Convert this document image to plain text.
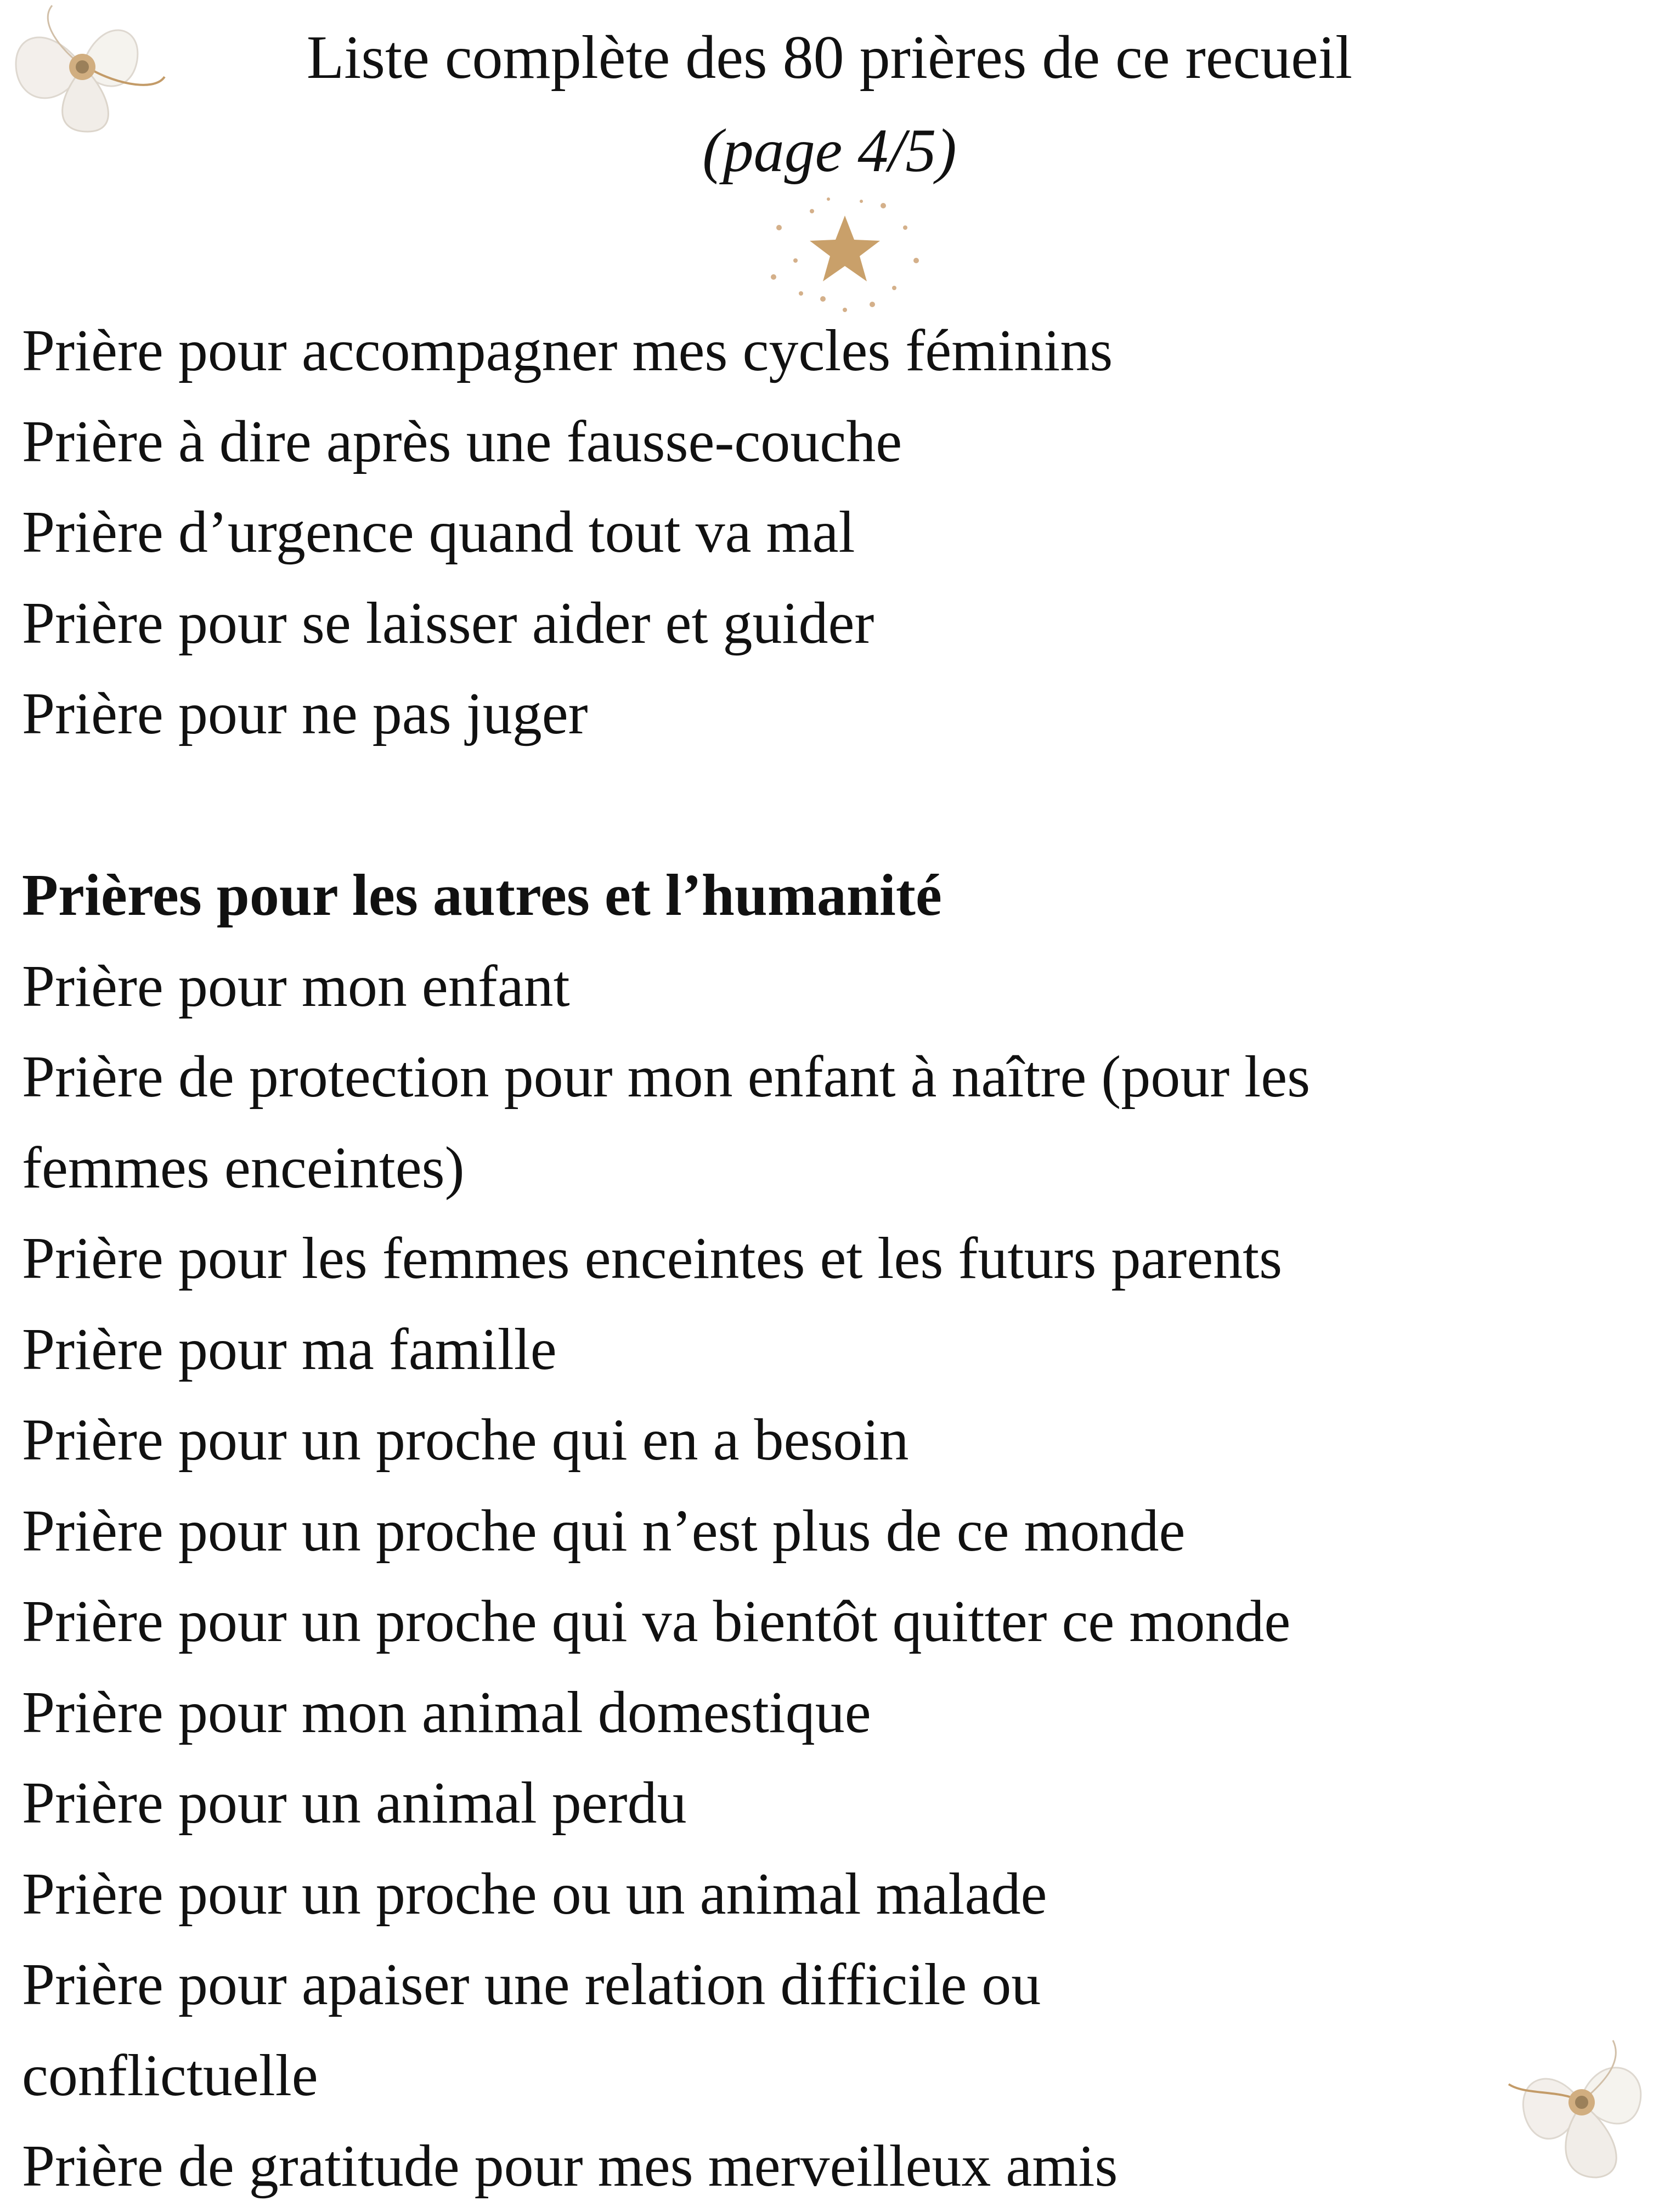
Liste complète des 80 prières de ce recueil

(page 4/5)

Prière pour accompagner mes cycles féminins
Prière à dire après une fausse-couche
Prière d’urgence quand tout va mal
Prière pour se laisser aider et guider
Prière pour ne pas juger
Prières pour les autres et l’humanité
Prière pour mon enfant
Prière de protection pour mon enfant à naître (pour les
femmes enceintes)
Prière pour les femmes enceintes et les futurs parents
Prière pour ma famille
Prière pour un proche qui en a besoin
Prière pour un proche qui n’est plus de ce monde
Prière pour un proche qui va bientôt quitter ce monde
Prière pour mon animal domestique
Prière pour un animal perdu
Prière pour un proche ou un animal malade
Prière pour apaiser une relation difficile ou
conflictuelle
Prière de gratitude pour mes merveilleux amis
